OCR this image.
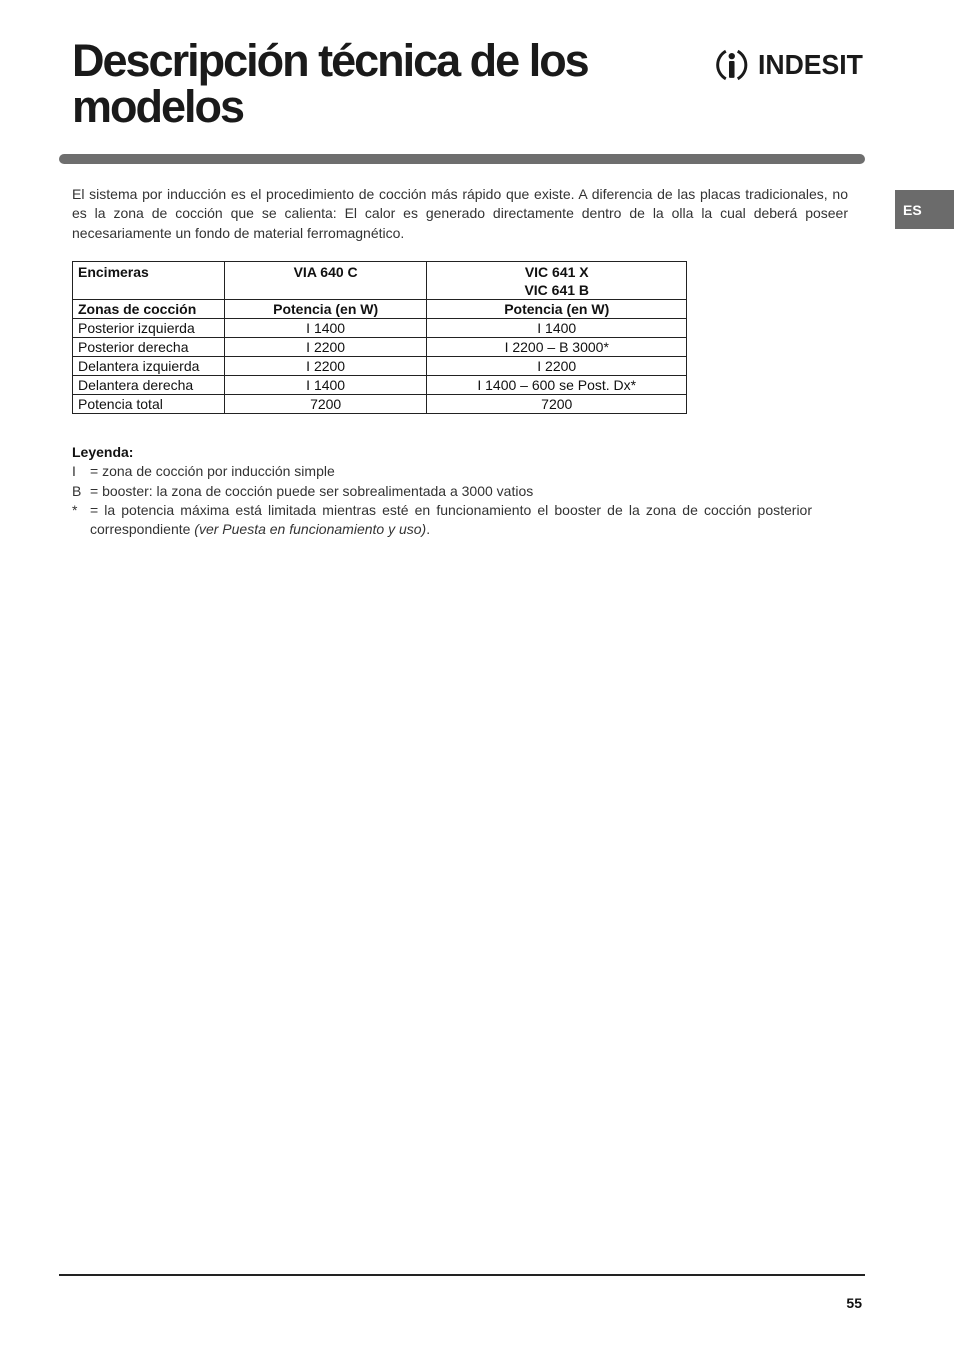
Descripción técnica de los modelos
INDESIT
ES

El sistema por inducción es el procedimiento de cocción más rápido que existe. A diferencia de las placas tradicionales, no es la zona de cocción que se calienta: El calor es generado directamente dentro de la olla la cual deberá poseer necesariamente un fondo de material ferromagnético.

Encimeras	VIA 640 C	VIC 641 X
VIC 641 B

Zonas de cocción	Potencia (en W)	Potencia (en W)
Posterior izquierda	I 1400	I 1400
Posterior derecha	I 2200	I 2200 – B 3000*
Delantera izquierda	I 2200	I 2200
Delantera derecha	I 1400	I 1400 – 600 se Post. Dx*
Potencia total	7200	7200
Leyenda:
I	= zona de cocción por inducción simple
B = booster: la zona de cocción puede ser sobrealimentada a 3000 vatios
* = la potencia máxima está limitada mientras esté en funcionamiento el booster de la zona de cocción posterior correspondiente (ver Puesta en funcionamiento y uso).
55
